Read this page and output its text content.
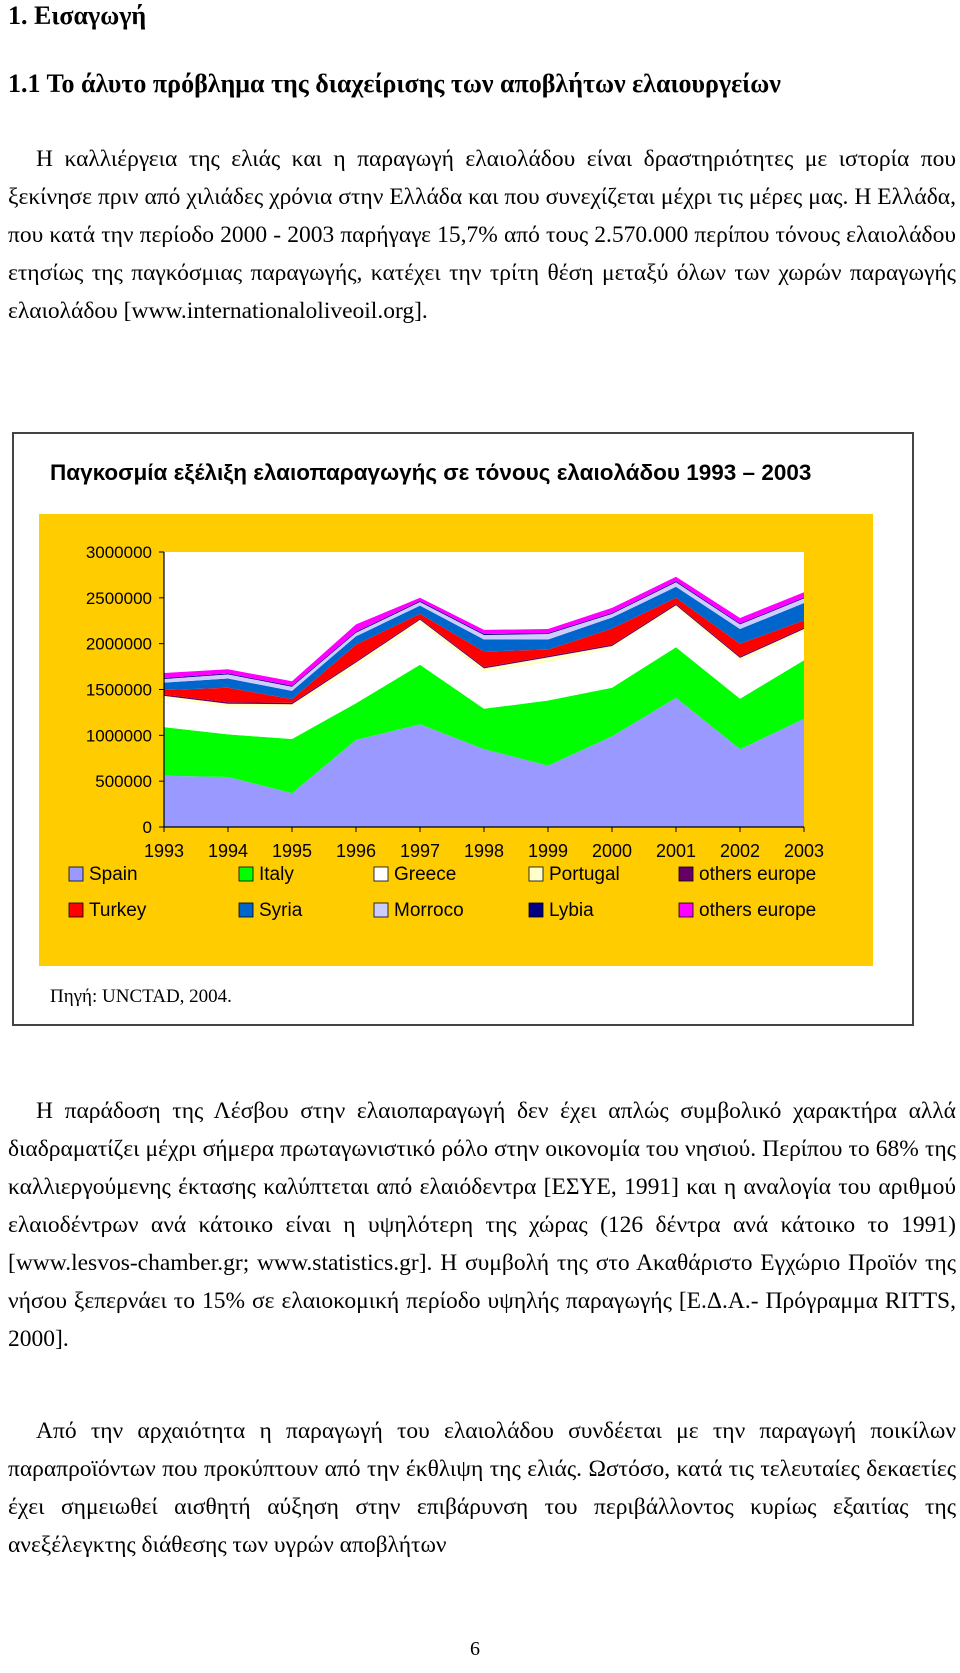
1. Εισαγωγή
1.1 Το άλυτο πρόβλημα της διαχείρισης των αποβλήτων ελαιουργείων

Η καλλιέργεια της ελιάς και η παραγωγή ελαιολάδου είναι δραστηριότητες με ιστορία που ξεκίνησε πριν από χιλιάδες χρόνια στην Ελλάδα και που συνεχίζεται μέχρι τις μέρες μας. Η Ελλάδα, που κατά την περίοδο 2000 - 2003 παρήγαγε 15,7% από τους 2.570.000 περίπου τόνους ελαιολάδου ετησίως της παγκόσμιας παραγωγής, κατέχει την τρίτη θέση μεταξύ όλων των χωρών παραγωγής ελαιολάδου [www.internationaloliveoil.org].

Παγκοσμία εξέλιξη ελαιοπαραγωγής σε τόνους ελαιολάδου 1993 – 2003
3000000
2500000
2000000
1500000
1000000
500000
0
1993 1994 1995 1996 1997 1998 1999 2000 2001 2002 2003
Spain	Italy	Greece	Portugal	others europe
Turkey	Syria	Morroco	Lybia	others europe
Πηγή: UNCTAD, 2004.

Η παράδοση της Λέσβου στην ελαιοπαραγωγή δεν έχει απλώς συμβολικό χαρακτήρα αλλά διαδραματίζει μέχρι σήμερα πρωταγωνιστικό ρόλο στην οικονομία του νησιού. Περίπου το 68% της καλλιεργούμενης έκτασης καλύπτεται από ελαιόδεντρα [ΕΣΥΕ, 1991] και η αναλογία του αριθμού ελαιοδέντρων ανά κάτοικο είναι η υψηλότερη της χώρας (126 δέντρα ανά κάτοικο το 1991) [www.lesvos-chamber.gr; www.statistics.gr]. Η συμβολή της στο Ακαθάριστο Εγχώριο Προϊόν της νήσου ξεπερνάει το 15% σε ελαιοκομική περίοδο υψηλής παραγωγής [Ε.Δ.Α.- Πρόγραμμα RITTS, 2000].

Από την αρχαιότητα η παραγωγή του ελαιολάδου συνδέεται με την παραγωγή ποικίλων παραπροϊόντων που προκύπτουν από την έκθλιψη της ελιάς. Ωστόσο, κατά τις τελευταίες δεκαετίες έχει σημειωθεί αισθητή αύξηση στην επιβάρυνση του περιβάλλοντος κυρίως εξαιτίας της ανεξέλεγκτης διάθεσης των υγρών αποβλήτων

6
